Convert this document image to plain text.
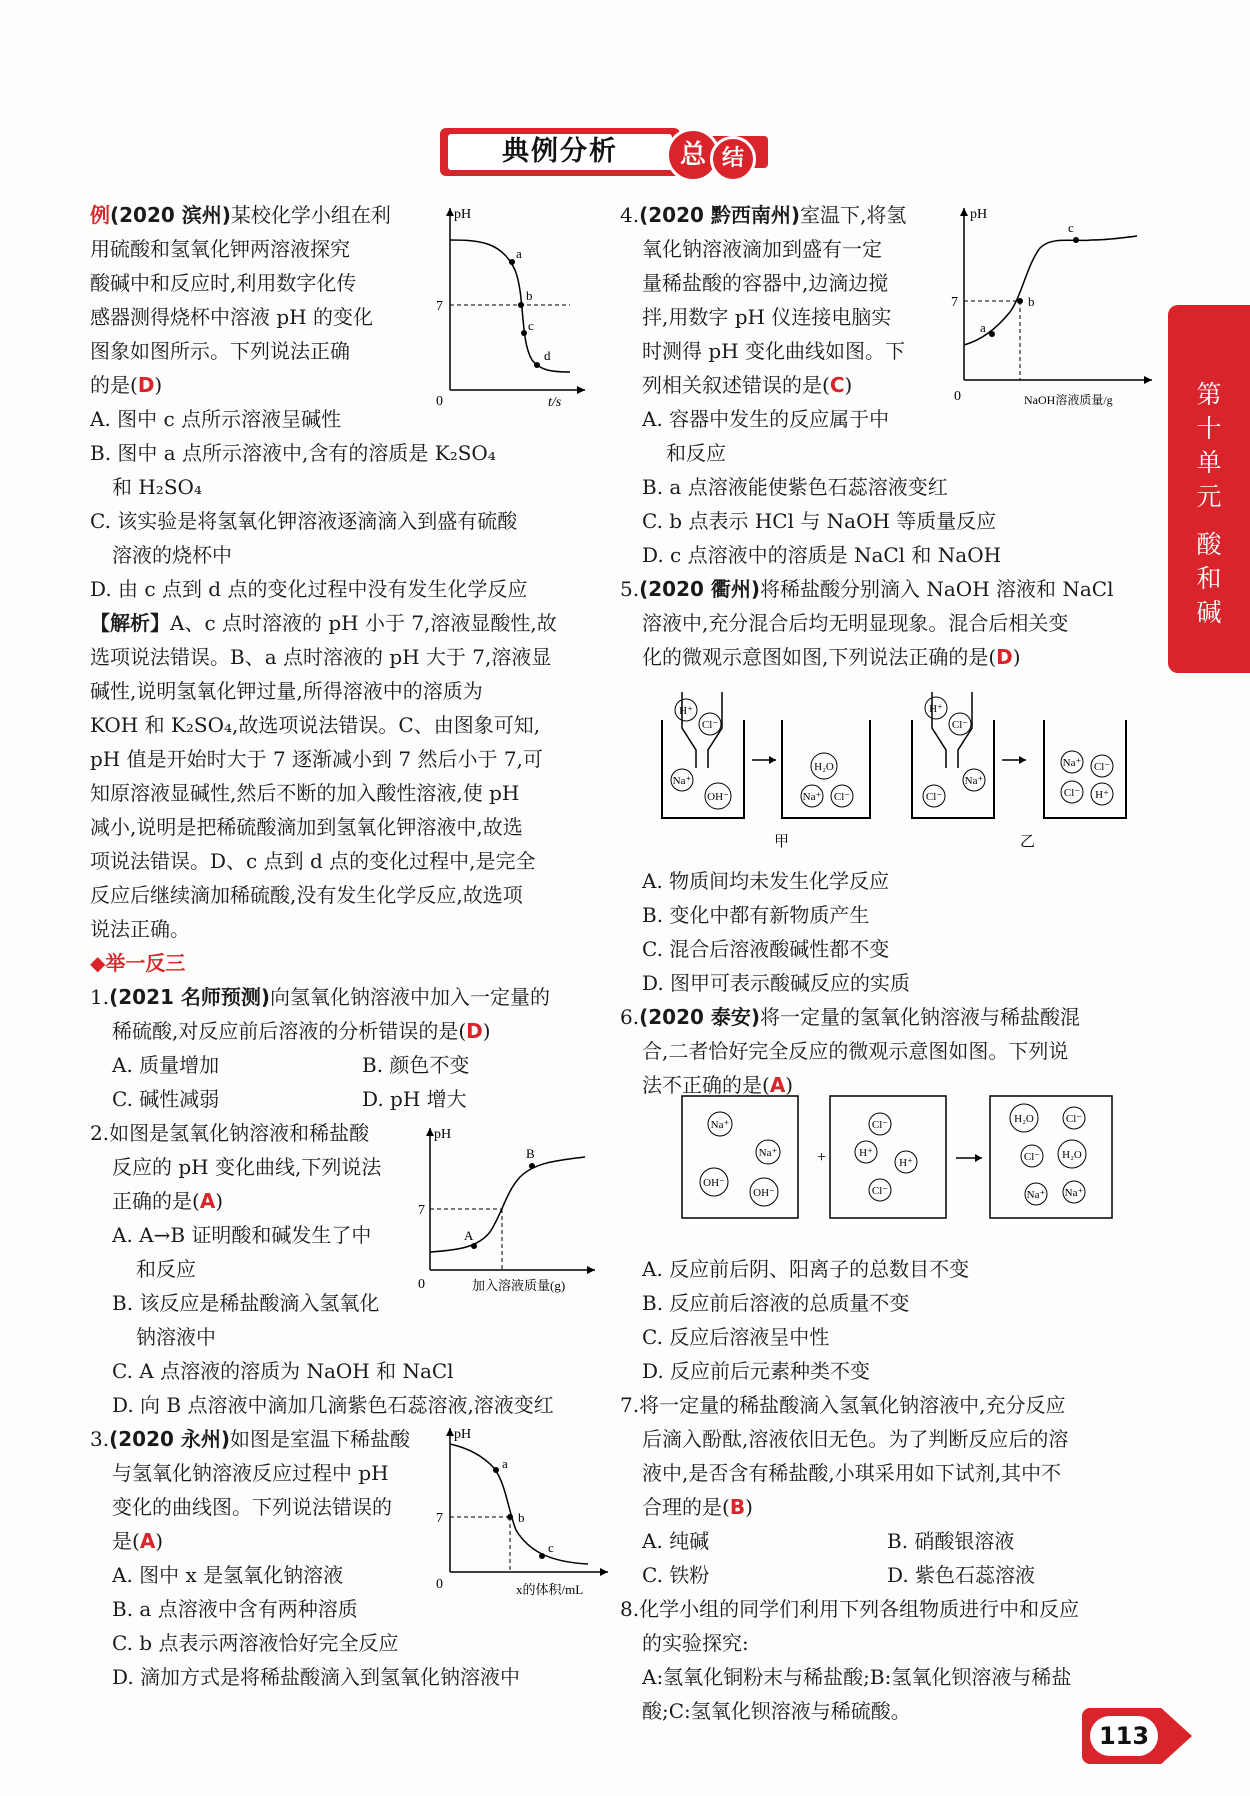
典例分析	总 结
第十单元
酸和碱

例(2020 滨州)某校化学小组在利

用硫酸和氢氧化钾两溶液探究

酸碱中和反应时,利用数字化传

感器测得烧杯中溶液 pH 的变化

图象如图所示。下列说法正确

的是(D)

A. 图中 c 点所示溶液呈碱性

B. 图中 a 点所示溶液中,含有的溶质是 K₂SO₄

和 H₂SO₄

C. 该实验是将氢氧化钾溶液逐滴滴入到盛有硫酸

溶液的烧杯中

D. 由 c 点到 d 点的变化过程中没有发生化学反应

【解析】A、c 点时溶液的 pH 小于 7,溶液显酸性,故

选项说法错误。B、a 点时溶液的 pH 大于 7,溶液显

碱性,说明氢氧化钾过量,所得溶液中的溶质为

KOH 和 K₂SO₄,故选项说法错误。C、由图象可知,

pH 值是开始时大于 7 逐渐减小到 7 然后小于 7,可

知原溶液显碱性,然后不断的加入酸性溶液,使 pH

减小,说明是把稀硫酸滴加到氢氧化钾溶液中,故选

项说法错误。D、c 点到 d 点的变化过程中,是完全

反应后继续滴加稀硫酸,没有发生化学反应,故选项

说法正确。

◆举一反三

1.(2021 名师预测)向氢氧化钠溶液中加入一定量的

稀硫酸,对反应前后溶液的分析错误的是(D)

A. 质量增加	B. 颜色不变

C. 碱性减弱	D. pH 增大

2.如图是氢氧化钠溶液和稀盐酸

反应的 pH 变化曲线,下列说法

正确的是(A)

A. A→B 证明酸和碱发生了中

和反应

B. 该反应是稀盐酸滴入氢氧化

钠溶液中

C. A 点溶液的溶质为 NaOH 和 NaCl

D. 向 B 点溶液中滴加几滴紫色石蕊溶液,溶液变红

3.(2020 永州)如图是室温下稀盐酸

与氢氧化钠溶液反应过程中 pH

变化的曲线图。下列说法错误的

是(A)

A. 图中 x 是氢氧化钠溶液

B. a 点溶液中含有两种溶质

C. b 点表示两溶液恰好完全反应

D. 滴加方式是将稀盐酸滴入到氢氧化钠溶液中

4.(2020 黔西南州)室温下,将氢

氧化钠溶液滴加到盛有一定

量稀盐酸的容器中,边滴边搅

拌,用数字 pH 仪连接电脑实

时测得 pH 变化曲线如图。下

列相关叙述错误的是(C)

A. 容器中发生的反应属于中

和反应

B. a 点溶液能使紫色石蕊溶液变红

C. b 点表示 HCl 与 NaOH 等质量反应

D. c 点溶液中的溶质是 NaCl 和 NaOH

5.(2020 衢州)将稀盐酸分别滴入 NaOH 溶液和 NaCl

溶液中,充分混合后均无明显现象。混合后相关变

化的微观示意图如图,下列说法正确的是(D)

A. 物质间均未发生化学反应

B. 变化中都有新物质产生

C. 混合后溶液酸碱性都不变

D. 图甲可表示酸碱反应的实质

6.(2020 泰安)将一定量的氢氧化钠溶液与稀盐酸混

合,二者恰好完全反应的微观示意图如图。下列说

法不正确的是(A)

A. 反应前后阴、阳离子的总数目不变

B. 反应前后溶液的总质量不变

C. 反应后溶液呈中性

D. 反应前后元素种类不变

7.将一定量的稀盐酸滴入氢氧化钠溶液中,充分反应

后滴入酚酞,溶液依旧无色。为了判断反应后的溶

液中,是否含有稀盐酸,小琪采用如下试剂,其中不

合理的是(B)

A. 纯碱	B. 硝酸银溶液

C. 铁粉	D. 紫色石蕊溶液

8.化学小组的同学们利用下列各组物质进行中和反应

的实验探究:

A:氢氧化铜粉末与稀盐酸;B:氢氧化钡溶液与稀盐

酸;C:氢氧化钡溶液与稀硫酸。

pH
0	t/s
7
a
b
c
d
pH
0	加入溶液质量(g)
7
A
B
pH
0	x的体积/mL
7
a
b
c
pH
0	NaOH溶液质量/g
7
a
b
c
H⁺
Cl⁻
Na⁺
OH⁻
H₂O
Na⁺ Cl⁻
H⁺
Cl⁻
Cl⁻
Na⁺
Na⁺ Cl⁻
Cl⁻ H⁺
甲	乙
+
Na⁺
Na⁺
OH⁻
OH⁻
Cl⁻
H⁺
H⁺
Cl⁻
H₂O	Cl⁻
Cl⁻ H₂O
Na⁺ Na⁺
113
